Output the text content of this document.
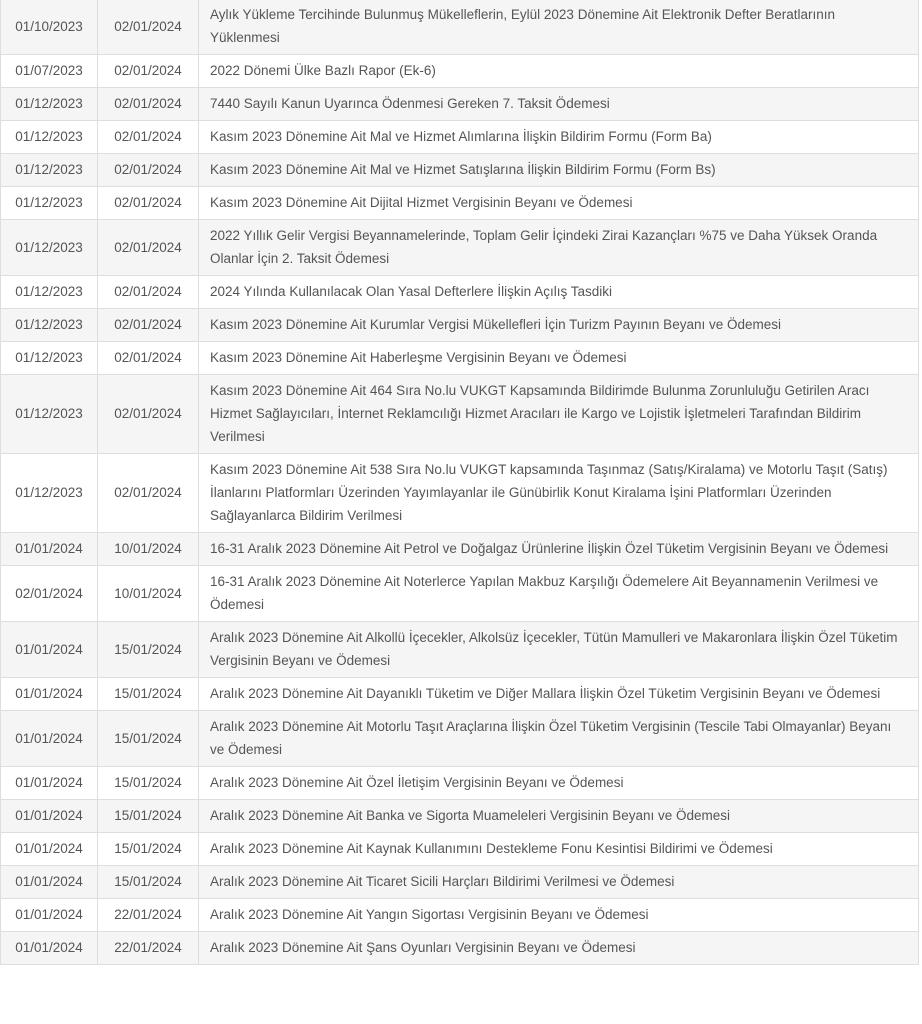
01/10/2023	02/01/2024	Aylık Yükleme Tercihinde Bulunmuş Mükelleflerin, Eylül 2023 Dönemine Ait Elektronik Defter Beratlarının Yüklenmesi
01/07/2023	02/01/2024	2022 Dönemi Ülke Bazlı Rapor (Ek-6)
01/12/2023	02/01/2024	7440 Sayılı Kanun Uyarınca Ödenmesi Gereken 7. Taksit Ödemesi
01/12/2023	02/01/2024	Kasım 2023 Dönemine Ait Mal ve Hizmet Alımlarına İlişkin Bildirim Formu (Form Ba)
01/12/2023	02/01/2024	Kasım 2023 Dönemine Ait Mal ve Hizmet Satışlarına İlişkin Bildirim Formu (Form Bs)
01/12/2023	02/01/2024	Kasım 2023 Dönemine Ait Dijital Hizmet Vergisinin Beyanı ve Ödemesi
01/12/2023	02/01/2024	2022 Yıllık Gelir Vergisi Beyannamelerinde, Toplam Gelir İçindeki Zirai Kazançları %75 ve Daha Yüksek Oranda Olanlar İçin 2. Taksit Ödemesi
01/12/2023	02/01/2024	2024 Yılında Kullanılacak Olan Yasal Defterlere İlişkin Açılış Tasdiki
01/12/2023	02/01/2024	Kasım 2023 Dönemine Ait Kurumlar Vergisi Mükellefleri İçin Turizm Payının Beyanı ve Ödemesi
01/12/2023	02/01/2024	Kasım 2023 Dönemine Ait Haberleşme Vergisinin Beyanı ve Ödemesi
01/12/2023	02/01/2024	Kasım 2023 Dönemine Ait 464 Sıra No.lu VUKGT Kapsamında Bildirimde Bulunma Zorunluluğu Getirilen Aracı Hizmet Sağlayıcıları, İnternet Reklamcılığı Hizmet Aracıları ile Kargo ve Lojistik İşletmeleri Tarafından Bildirim Verilmesi
01/12/2023	02/01/2024	Kasım 2023 Dönemine Ait 538 Sıra No.lu VUKGT kapsamında Taşınmaz (Satış/Kiralama) ve Motorlu Taşıt (Satış) İlanlarını Platformları Üzerinden Yayımlayanlar ile Günübirlik Konut Kiralama İşini Platformları Üzerinden Sağlayanlarca Bildirim Verilmesi
01/01/2024	10/01/2024	16-31 Aralık 2023 Dönemine Ait Petrol ve Doğalgaz Ürünlerine İlişkin Özel Tüketim Vergisinin Beyanı ve Ödemesi
02/01/2024	10/01/2024	16-31 Aralık 2023 Dönemine Ait Noterlerce Yapılan Makbuz Karşılığı Ödemelere Ait Beyannamenin Verilmesi ve Ödemesi
01/01/2024	15/01/2024	Aralık 2023 Dönemine Ait Alkollü İçecekler, Alkolsüz İçecekler, Tütün Mamulleri ve Makaronlara İlişkin Özel Tüketim Vergisinin Beyanı ve Ödemesi
01/01/2024	15/01/2024	Aralık 2023 Dönemine Ait Dayanıklı Tüketim ve Diğer Mallara İlişkin Özel Tüketim Vergisinin Beyanı ve Ödemesi
01/01/2024	15/01/2024	Aralık 2023 Dönemine Ait Motorlu Taşıt Araçlarına İlişkin Özel Tüketim Vergisinin (Tescile Tabi Olmayanlar) Beyanı ve Ödemesi
01/01/2024	15/01/2024	Aralık 2023 Dönemine Ait Özel İletişim Vergisinin Beyanı ve Ödemesi
01/01/2024	15/01/2024	Aralık 2023 Dönemine Ait Banka ve Sigorta Muameleleri Vergisinin Beyanı ve Ödemesi
01/01/2024	15/01/2024	Aralık 2023 Dönemine Ait Kaynak Kullanımını Destekleme Fonu Kesintisi Bildirimi ve Ödemesi
01/01/2024	15/01/2024	Aralık 2023 Dönemine Ait Ticaret Sicili Harçları Bildirimi Verilmesi ve Ödemesi
01/01/2024	22/01/2024	Aralık 2023 Dönemine Ait Yangın Sigortası Vergisinin Beyanı ve Ödemesi
01/01/2024	22/01/2024	Aralık 2023 Dönemine Ait Şans Oyunları Vergisinin Beyanı ve Ödemesi
